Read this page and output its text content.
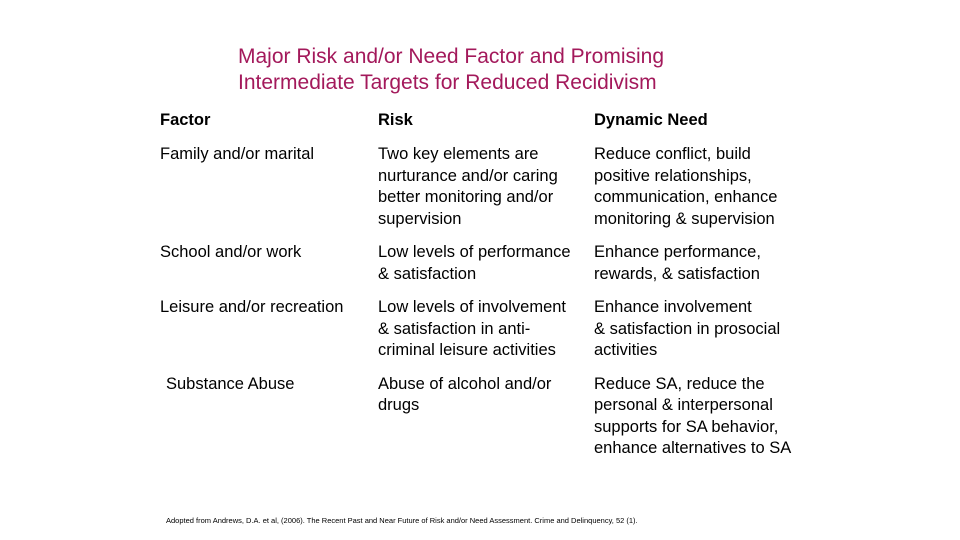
Major Risk and/or Need Factor and Promising
Intermediate Targets for Reduced Recidivism
Factor	Risk	Dynamic Need

Family and/or marital	Two key elements are
nurturance and/or caring
better monitoring and/or
supervision	Reduce conflict, build
positive relationships,
communication, enhance
monitoring & supervision

School and/or work	Low levels of performance
& satisfaction	Enhance performance,
rewards, & satisfaction

Leisure and/or recreation	Low levels of involvement
& satisfaction in anti-
criminal leisure activities	Enhance involvement
& satisfaction in prosocial
activities

Substance Abuse	Abuse of alcohol and/or
drugs	Reduce SA, reduce the
personal & interpersonal
supports for SA behavior,
enhance alternatives to SA
Adopted from Andrews, D.A. et al, (2006). The Recent Past and Near Future of Risk and/or Need Assessment. Crime and Delinquency, 52 (1).
